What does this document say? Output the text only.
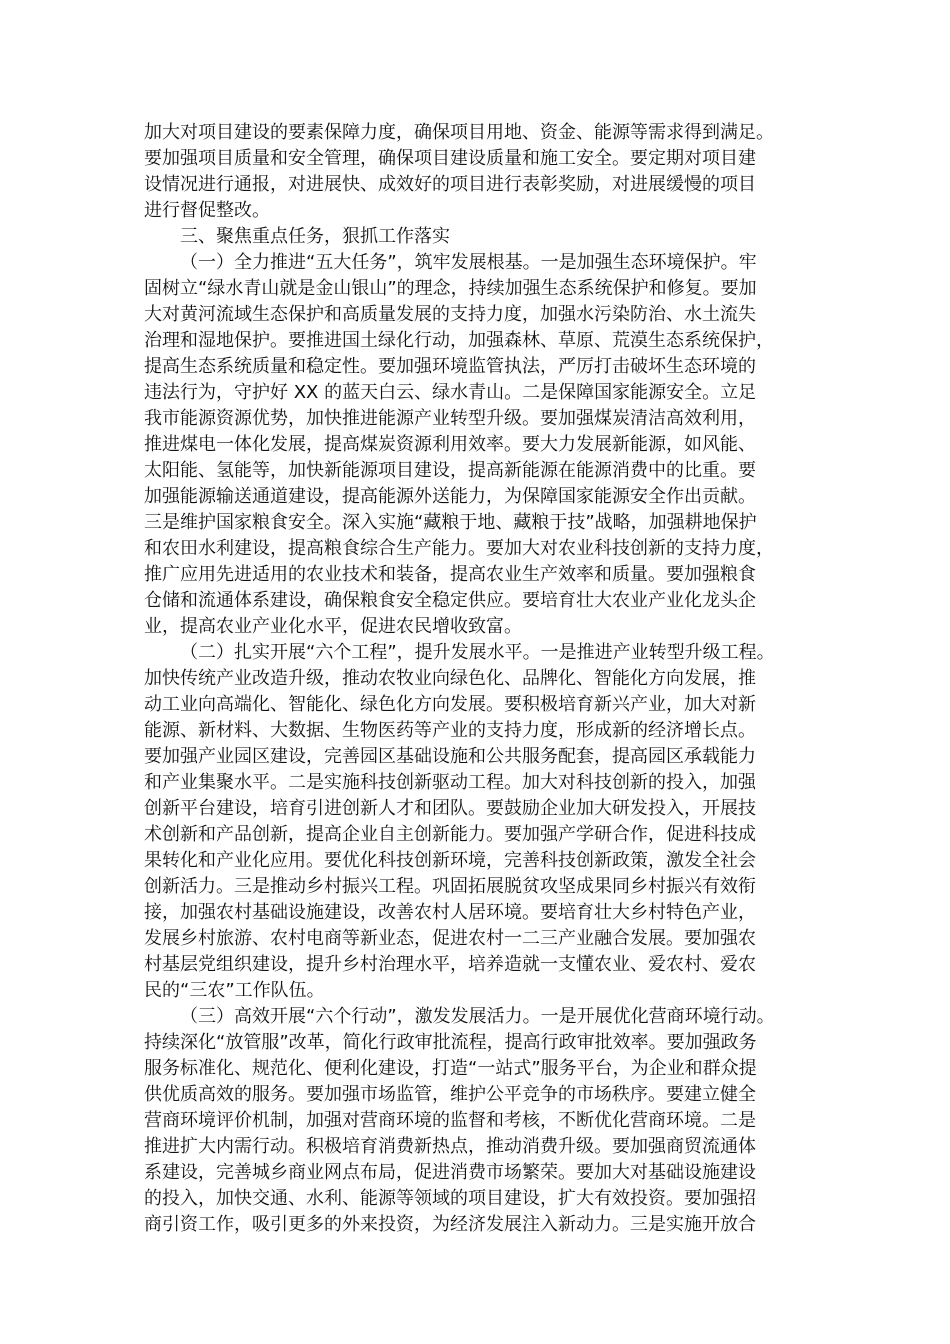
加大对项目建设的要素保障力度，确保项目用地、资金、能源等需求得到满足。
要加强项目质量和安全管理，确保项目建设质量和施工安全。要定期对项目建
设情况进行通报，对进展快、成效好的项目进行表彰奖励，对进展缓慢的项目
进行督促整改。
三、聚焦重点任务，狠抓工作落实
（一）全力推进“五大任务”，筑牢发展根基。一是加强生态环境保护。牢
固树立“绿水青山就是金山银山”的理念，持续加强生态系统保护和修复。要加
大对黄河流域生态保护和高质量发展的支持力度，加强水污染防治、水土流失
治理和湿地保护。要推进国土绿化行动，加强森林、草原、荒漠生态系统保护，
提高生态系统质量和稳定性。要加强环境监管执法，严厉打击破坏生态环境的
违法行为，守护好 XX 的蓝天白云、绿水青山。二是保障国家能源安全。立足
我市能源资源优势，加快推进能源产业转型升级。要加强煤炭清洁高效利用，
推进煤电一体化发展，提高煤炭资源利用效率。要大力发展新能源，如风能、
太阳能、氢能等，加快新能源项目建设，提高新能源在能源消费中的比重。要
加强能源输送通道建设，提高能源外送能力，为保障国家能源安全作出贡献。
三是维护国家粮食安全。深入实施“藏粮于地、藏粮于技”战略，加强耕地保护
和农田水利建设，提高粮食综合生产能力。要加大对农业科技创新的支持力度，
推广应用先进适用的农业技术和装备，提高农业生产效率和质量。要加强粮食
仓储和流通体系建设，确保粮食安全稳定供应。要培育壮大农业产业化龙头企
业，提高农业产业化水平，促进农民增收致富。
（二）扎实开展“六个工程”，提升发展水平。一是推进产业转型升级工程。
加快传统产业改造升级，推动农牧业向绿色化、品牌化、智能化方向发展，推
动工业向高端化、智能化、绿色化方向发展。要积极培育新兴产业，加大对新
能源、新材料、大数据、生物医药等产业的支持力度，形成新的经济增长点。
要加强产业园区建设，完善园区基础设施和公共服务配套，提高园区承载能力
和产业集聚水平。二是实施科技创新驱动工程。加大对科技创新的投入，加强
创新平台建设，培育引进创新人才和团队。要鼓励企业加大研发投入，开展技
术创新和产品创新，提高企业自主创新能力。要加强产学研合作，促进科技成
果转化和产业化应用。要优化科技创新环境，完善科技创新政策，激发全社会
创新活力。三是推动乡村振兴工程。巩固拓展脱贫攻坚成果同乡村振兴有效衔
接，加强农村基础设施建设，改善农村人居环境。要培育壮大乡村特色产业，
发展乡村旅游、农村电商等新业态，促进农村一二三产业融合发展。要加强农
村基层党组织建设，提升乡村治理水平，培养造就一支懂农业、爱农村、爱农
民的“三农”工作队伍。
（三）高效开展“六个行动”，激发发展活力。一是开展优化营商环境行动。
持续深化“放管服”改革，简化行政审批流程，提高行政审批效率。要加强政务
服务标准化、规范化、便利化建设，打造“一站式”服务平台，为企业和群众提
供优质高效的服务。要加强市场监管，维护公平竞争的市场秩序。要建立健全
营商环境评价机制，加强对营商环境的监督和考核，不断优化营商环境。二是
推进扩大内需行动。积极培育消费新热点，推动消费升级。要加强商贸流通体
系建设，完善城乡商业网点布局，促进消费市场繁荣。要加大对基础设施建设
的投入，加快交通、水利、能源等领域的项目建设，扩大有效投资。要加强招
商引资工作，吸引更多的外来投资，为经济发展注入新动力。三是实施开放合
